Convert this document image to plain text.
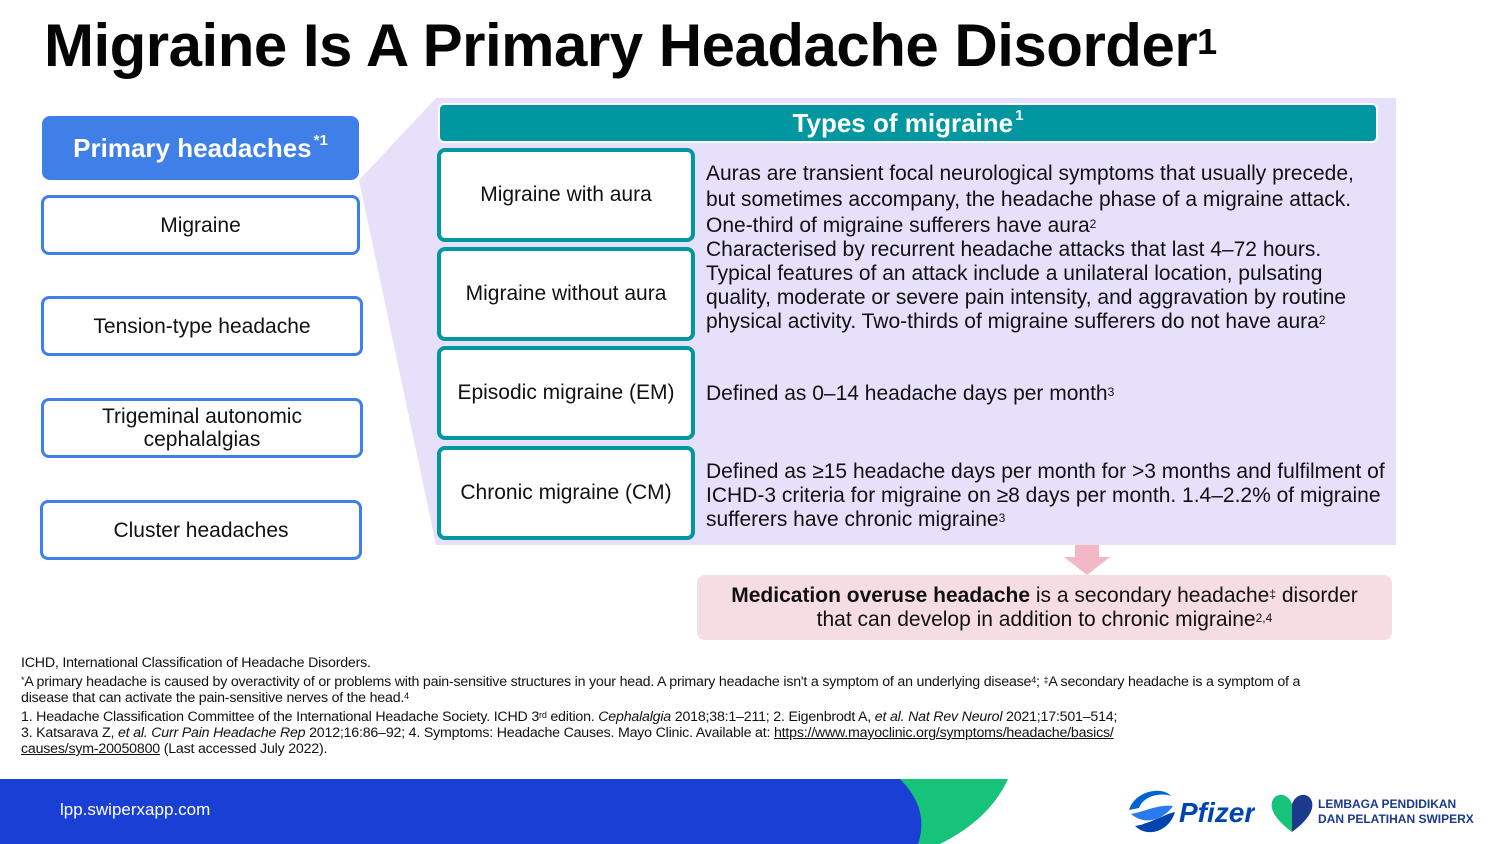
Migraine Is A Primary Headache Disorder$^1$
Primary headaches$^{*1}$
Migraine
Tension-type headache
Trigeminal autonomic cephalalgias
Cluster headaches
Types of migraine$^1$
Migraine with aura
Migraine without aura
Episodic migraine (EM)
Chronic migraine (CM)
Auras are transient focal neurological symptoms that usually precede, but sometimes accompany, the headache phase of a migraine attack. One-third of migraine sufferers have aura$^2$
Characterised by recurrent headache attacks that last 4–72 hours. Typical features of an attack include a unilateral location, pulsating quality, moderate or severe pain intensity, and aggravation by routine physical activity. Two-thirds of migraine sufferers do not have aura$^2$
Defined as 0–14 headache days per month$^3$
Defined as ≥15 headache days per month for >3 months and fulfilment of ICHD-3 criteria for migraine on ≥8 days per month. 1.4–2.2% of migraine sufferers have chronic migraine$^3$
Medication overuse headache is a secondary headache‡ disorder
that can develop in addition to chronic migraine$^{2,4}$
ICHD, International Classification of Headache Disorders.
*A primary headache is caused by overactivity of or problems with pain-sensitive structures in your head. A primary headache isn't a symptom of an underlying disease$^4$; ‡A secondary headache is a symptom of a disease that can activate the pain-sensitive nerves of the head.$^4$
1. Headache Classification Committee of the International Headache Society. ICHD 3rd edition. Cephalalgia 2018;38:1–211; 2. Eigenbrodt A, et al. Nat Rev Neurol 2021;17:501–514;
3. Katsarava Z, et al. Curr Pain Headache Rep 2012;16:86–92; 4. Symptoms: Headache Causes. Mayo Clinic. Available at: https://www.mayoclinic.org/symptoms/headache/basics/
causes/sym-20050800 (Last accessed July 2022).
lpp.swiperxapp.com	Pfizer	LEMBAGA PENDIDIKAN
DAN PELATIHAN SWIPERX
